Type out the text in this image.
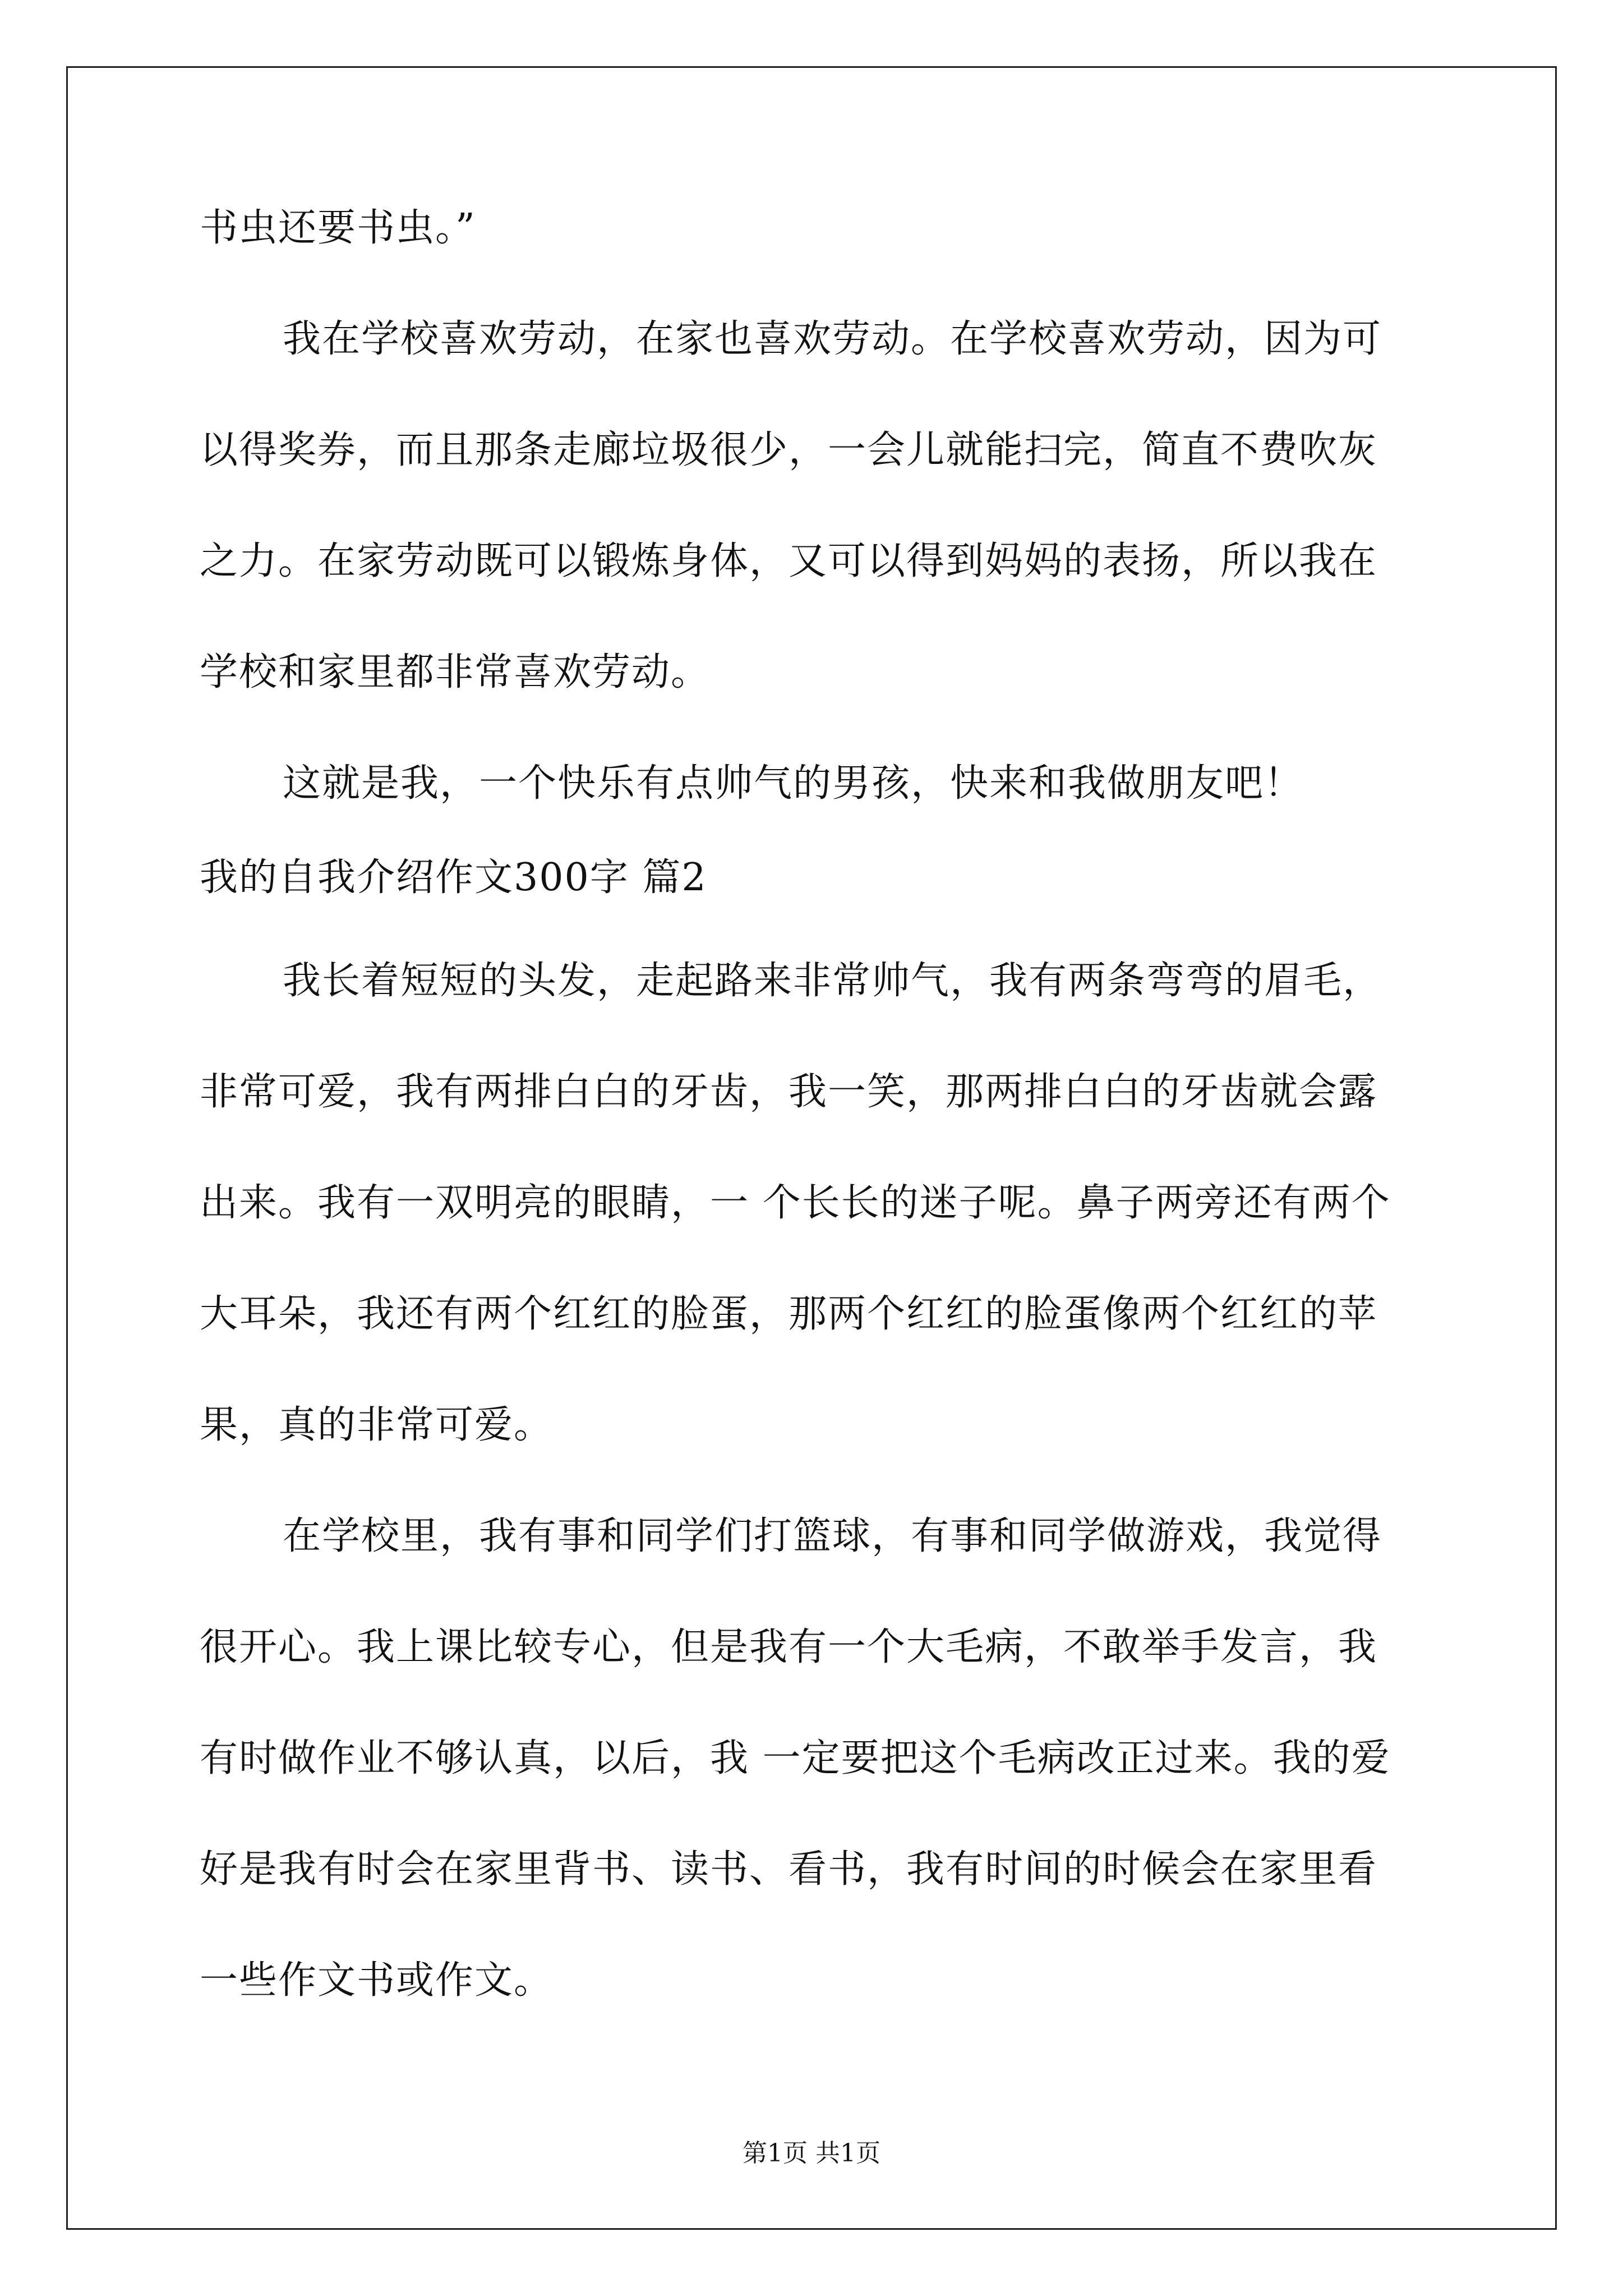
书虫还要书虫。”

我在学校喜欢劳动，在家也喜欢劳动。在学校喜欢劳动，因为可

以得奖券，而且那条走廊垃圾很少，一会儿就能扫完，简直不费吹灰

之力。在家劳动既可以锻炼身体，又可以得到妈妈的表扬，所以我在

学校和家里都非常喜欢劳动。

这就是我，一个快乐有点帅气的男孩，快来和我做朋友吧！

我的自我介绍作文300字 篇2

我长着短短的头发，走起路来非常帅气，我有两条弯弯的眉毛，

非常可爱，我有两排白白的牙齿，我一笑，那两排白白的牙齿就会露

出来。我有一双明亮的眼睛，一 个长长的迷子呢。鼻子两旁还有两个

大耳朵，我还有两个红红的脸蛋，那两个红红的脸蛋像两个红红的苹

果，真的非常可爱。

在学校里，我有事和同学们打篮球，有事和同学做游戏，我觉得

很开心。我上课比较专心，但是我有一个大毛病，不敢举手发言，我

有时做作业不够认真，以后，我 一定要把这个毛病改正过来。我的爱

好是我有时会在家里背书、读书、看书，我有时间的时候会在家里看

一些作文书或作文。

第1页 共1页
